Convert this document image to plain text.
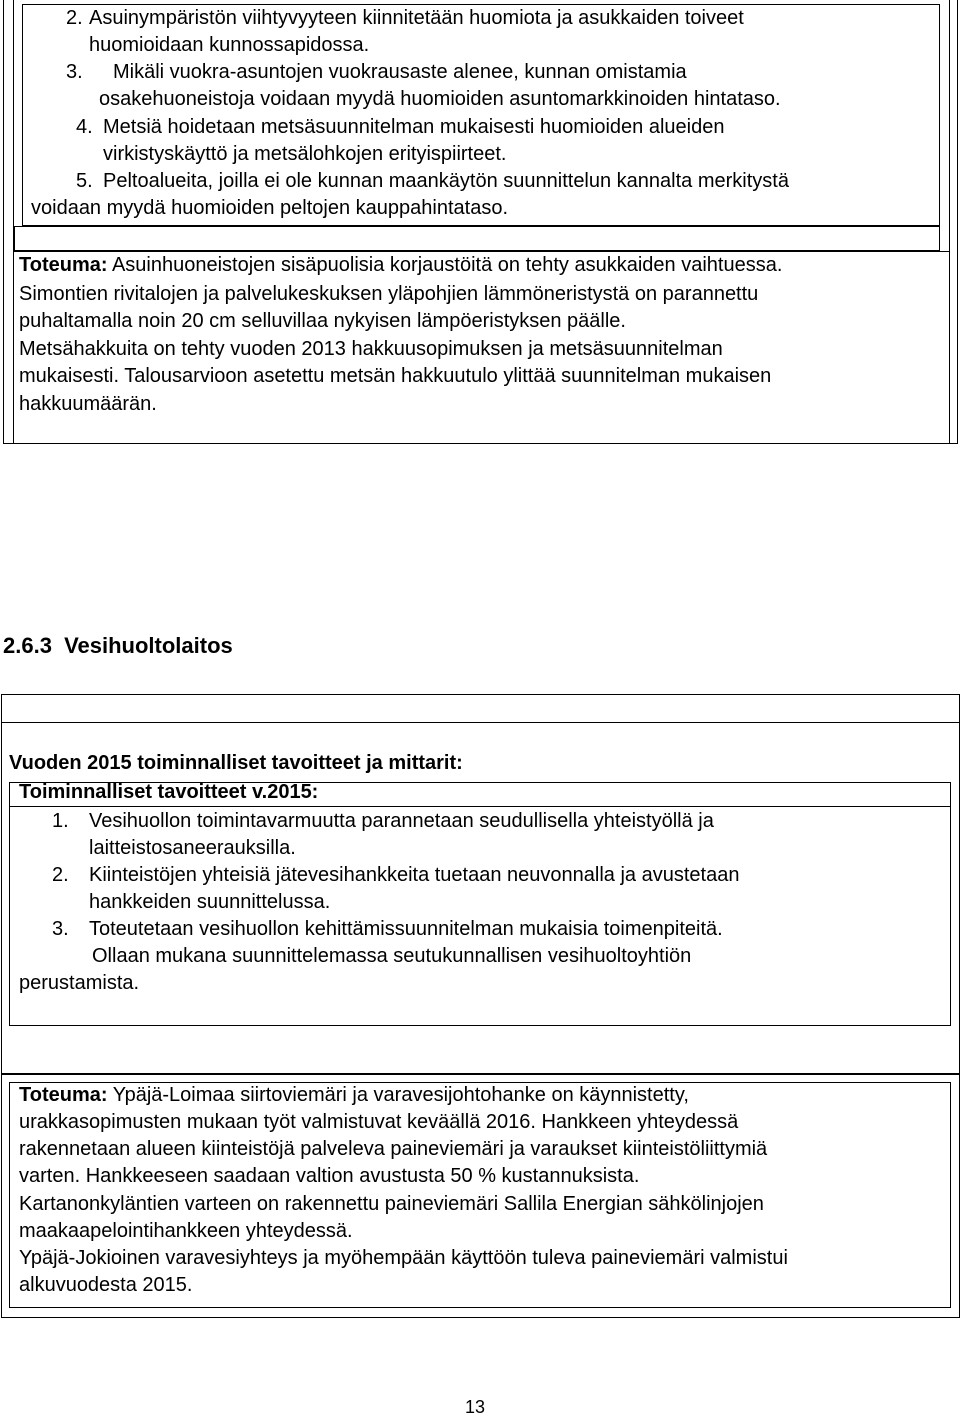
2. Asuinympäristön viihtyvyyteen kiinnitetään huomiota ja asukkaiden toiveet
huomioidaan kunnossapidossa.
3. Mikäli vuokra-asuntojen vuokrausaste alenee, kunnan omistamia
osakehuoneistoja voidaan myydä huomioiden asuntomarkkinoiden hintataso.
4. Metsiä hoidetaan metsäsuunnitelman mukaisesti huomioiden alueiden
virkistyskäyttö ja metsälohkojen erityispiirteet.
5. Peltoalueita, joilla ei ole kunnan maankäytön suunnittelun kannalta merkitystä
voidaan myydä huomioiden peltojen kauppahintataso.
Toteuma: Asuinhuoneistojen sisäpuolisia korjaustöitä on tehty asukkaiden vaihtuessa.
Simontien rivitalojen ja palvelukeskuksen yläpohjien lämmöneristystä on parannettu
puhaltamalla noin 20 cm selluvillaa nykyisen lämpöeristyksen päälle.
Metsähakkuita on tehty vuoden 2013 hakkuusopimuksen ja metsäsuunnitelman
mukaisesti. Talousarvioon asetettu metsän hakkuutulo ylittää suunnitelman mukaisen
hakkuumäärän.
2.6.3 Vesihuoltolaitos
Vuoden 2015 toiminnalliset tavoitteet ja mittarit:
Toiminnalliset tavoitteet v.2015:
1. Vesihuollon toimintavarmuutta parannetaan seudullisella yhteistyöllä ja
laitteistosaneerauksilla.
2. Kiinteistöjen yhteisiä jätevesihankkeita tuetaan neuvonnalla ja avustetaan
hankkeiden suunnittelussa.
3. Toteutetaan vesihuollon kehittämissuunnitelman mukaisia toimenpiteitä.
Ollaan mukana suunnittelemassa seutukunnallisen vesihuoltoyhtiön
perustamista.
Toteuma: Ypäjä-Loimaa siirtoviemäri ja varavesijohtohanke on käynnistetty,
urakkasopimusten mukaan työt valmistuvat keväällä 2016. Hankkeen yhteydessä
rakennetaan alueen kiinteistöjä palveleva paineviemäri ja varaukset kiinteistöliittymiä
varten. Hankkeeseen saadaan valtion avustusta 50 % kustannuksista.
Kartanonkyläntien varteen on rakennettu paineviemäri Sallila Energian sähkölinjojen
maakaapelointihankkeen yhteydessä.
Ypäjä-Jokioinen varavesiyhteys ja myöhempään käyttöön tuleva paineviemäri valmistui
alkuvuodesta 2015.
13
